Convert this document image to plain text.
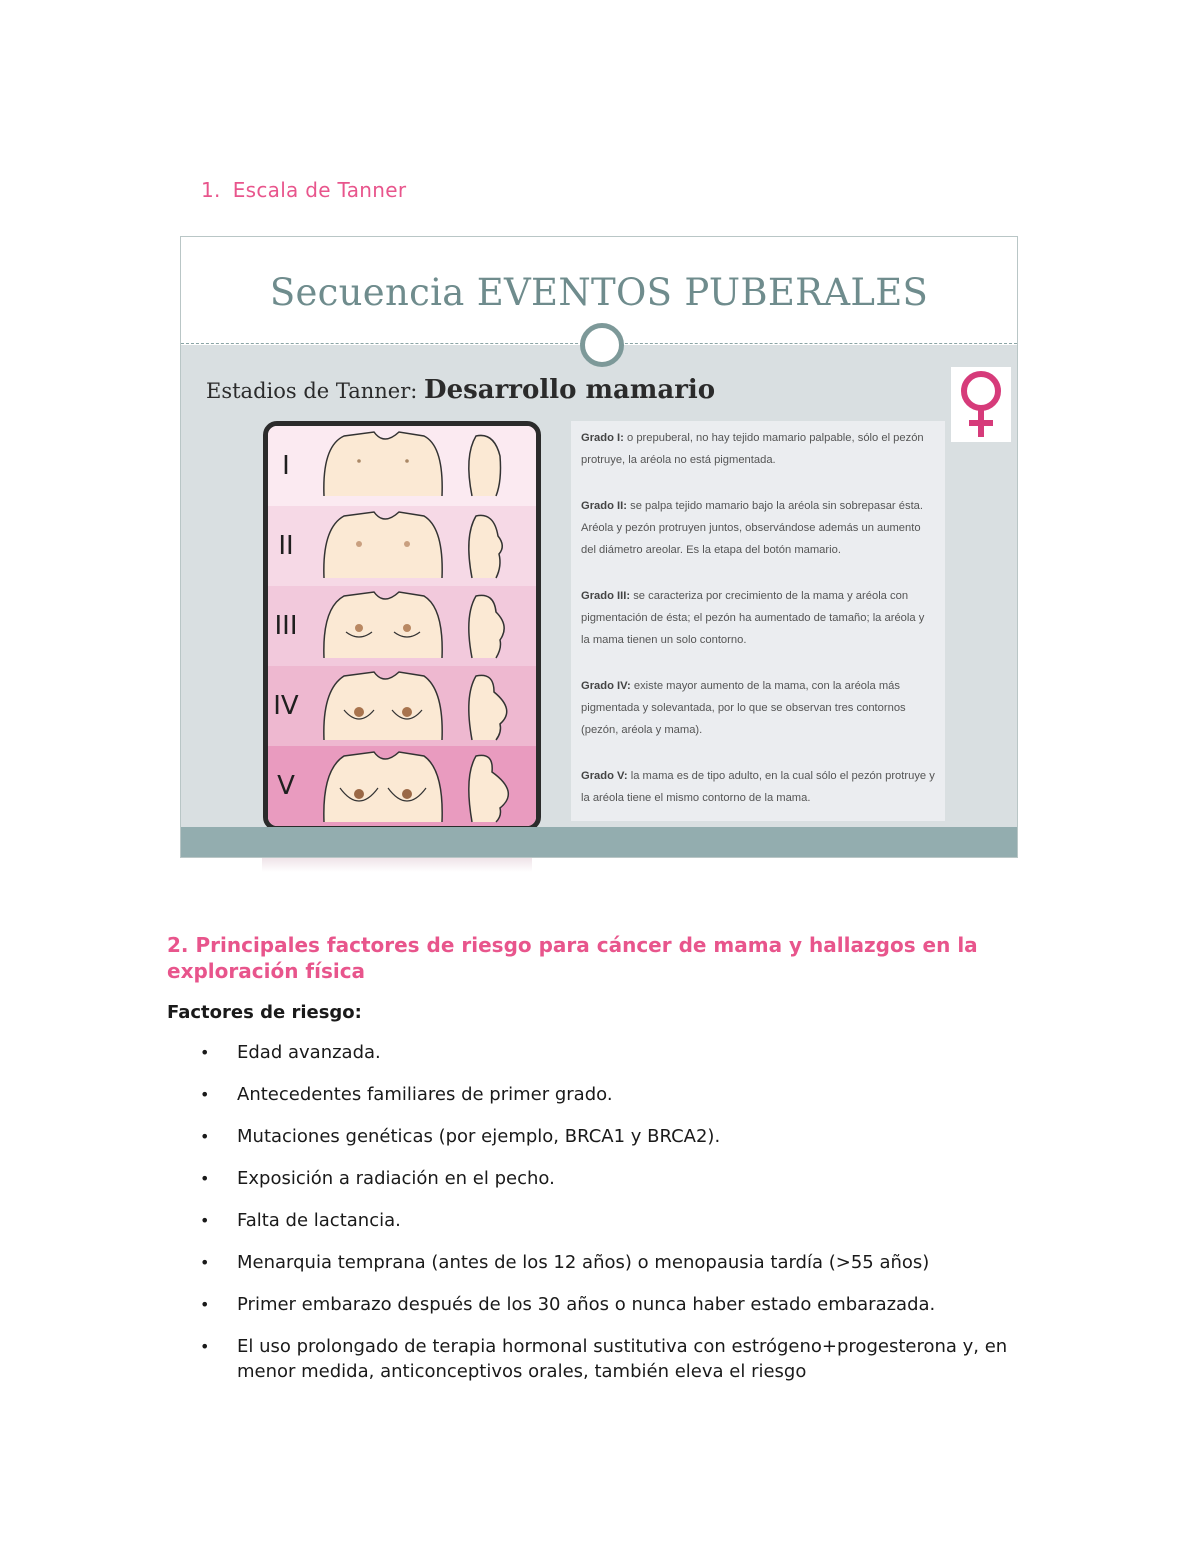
1. Escala de Tanner
Secuencia EVENTOS PUBERALES
Estadios de Tanner: Desarrollo mamario
I
II
III
IV
V
Grado I: o prepuberal, no hay tejido mamario palpable, sólo el pezón protruye, la aréola no está pigmentada.
Grado II: se palpa tejido mamario bajo la aréola sin sobrepasar ésta. Aréola y pezón protruyen juntos, observándose además un aumento del diámetro areolar. Es la etapa del botón mamario.
Grado III: se caracteriza por crecimiento de la mama y aréola con pigmentación de ésta; el pezón ha aumentado de tamaño; la aréola y la mama tienen un solo contorno.
Grado IV: existe mayor aumento de la mama, con la aréola más pigmentada y solevantada, por lo que se observan tres contornos (pezón, aréola y mama).
Grado V: la mama es de tipo adulto, en la cual sólo el pezón protruye y la aréola tiene el mismo contorno de la mama.
2. Principales factores de riesgo para cáncer de mama y hallazgos en la exploración física
Factores de riesgo:
• Edad avanzada.
• Antecedentes familiares de primer grado.
• Mutaciones genéticas (por ejemplo, BRCA1 y BRCA2).
• Exposición a radiación en el pecho.
• Falta de lactancia.
• Menarquia temprana (antes de los 12 años) o menopausia tardía (>55 años)
• Primer embarazo después de los 30 años o nunca haber estado embarazada.
• El uso prolongado de terapia hormonal sustitutiva con estrógeno+progesterona y, en menor medida, anticonceptivos orales, también eleva el riesgo
